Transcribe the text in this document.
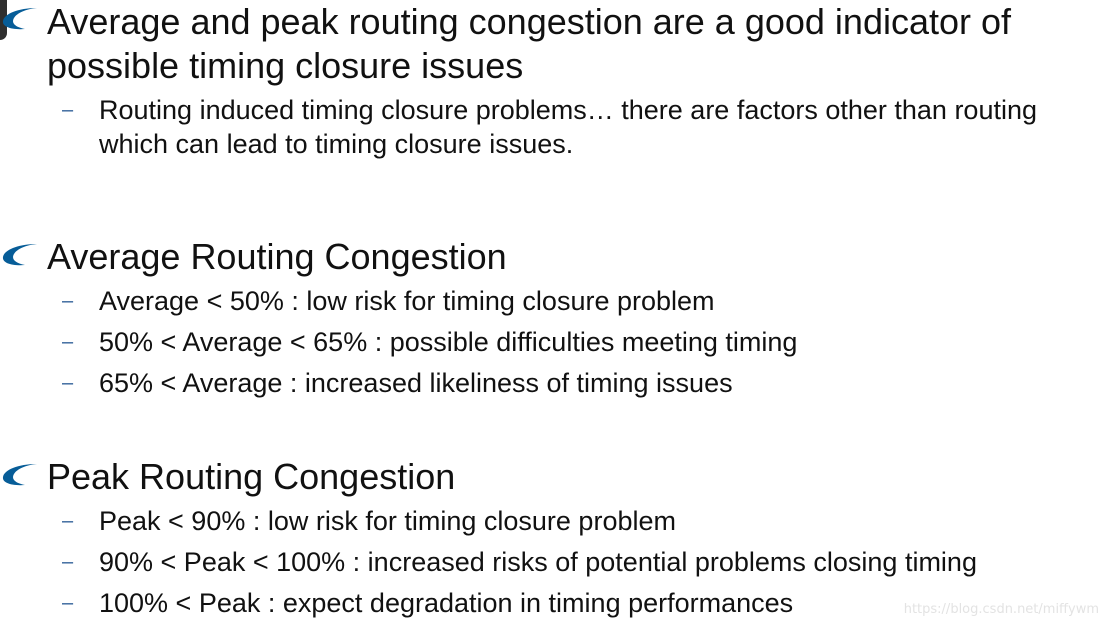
Average and peak routing congestion are a good indicator of possible timing closure issues
– Routing induced timing closure problems… there are factors other than routing which can lead to timing closure issues.
Average Routing Congestion
– Average < 50% : low risk for timing closure problem
– 50% < Average < 65% : possible difficulties meeting timing
– 65% < Average : increased likeliness of timing issues
Peak Routing Congestion
– Peak < 90% : low risk for timing closure problem
– 90% < Peak < 100% : increased risks of potential problems closing timing
– 100% < Peak : expect degradation in timing performances	https://blog.csdn.net/miffywm
